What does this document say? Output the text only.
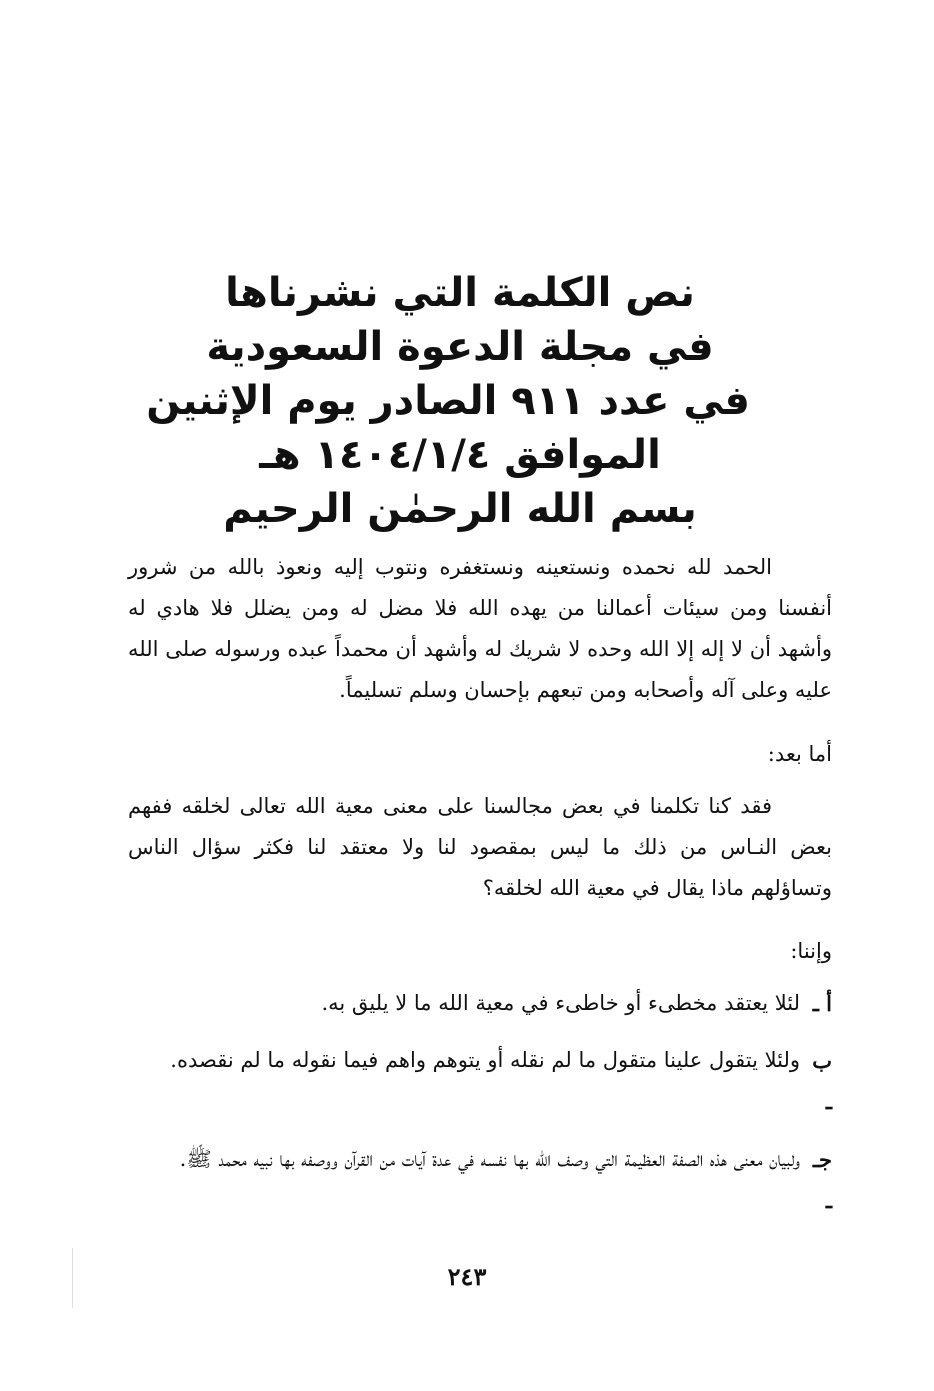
نص الكلمة التي نشرناها
في مجلة الدعوة السعودية
في عدد ٩١١ الصادر يوم الإثنين
الموافق ١٤٠٤/١/٤ هـ
بسم الله الرحمٰن الرحيم

الحمد لله نحمده ونستعينه ونستغفره ونتوب إليه ونعوذ بالله من شرور أنفسنا ومن سيئات أعمالنا من يهده الله فلا مضل له ومن يضلل فلا هادي له وأشهد أن لا إله إلا الله وحده لا شريك له وأشهد أن محمداً عبده ورسوله صلى الله عليه وعلى آله وأصحابه ومن تبعهم بإحسان وسلم تسليماً.

أما بعد:

فقد كنا تكلمنا في بعض مجالسنا على معنى معية الله تعالى لخلقه ففهم بعض النـاس من ذلك ما ليس بمقصود لنا ولا معتقد لنا فكثر سؤال الناس وتساؤلهم ماذا يقال في معية الله لخلقه؟

وإننا:

أ ـ
لئلا يعتقد مخطىء أو خاطىء في معية الله ما لا يليق به.
ب ـ
ولئلا يتقول علينا متقول ما لم نقله أو يتوهم واهم فيما نقوله ما لم نقصده.
جـ ـ
ولبيان معنى هذه الصفة العظيمة التي وصف الله بها نفسه في عدة آيات من القرآن ووصفه بها نبيه محمد ﷺ.
٢٤٣
